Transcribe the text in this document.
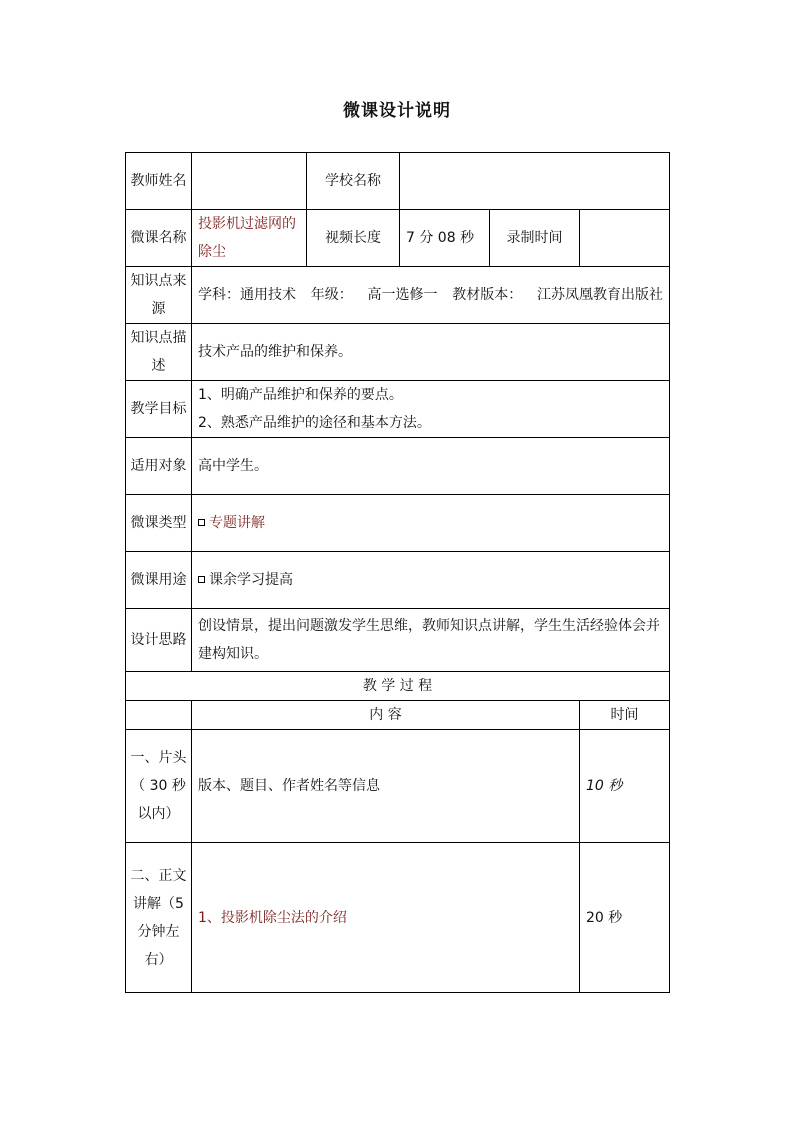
微课设计说明
教师姓名		学校名称			
微课名称	投影机过滤网的除尘	视频长度	7 分 08 秒	录制时间	
知识点来源	学科：通用技术 年级： 高一选修一 教材版本： 江苏凤凰教育出版社				

知识点描述	技术产品的维护和保养。				
教学目标	1、明确产品维护和保养的要点。
2、熟悉产品维护的途径和基本方法。				

适用对象	高中学生。				
微课类型	专题讲解				
微课用途	课余学习提高				
设计思路	创设情景，提出问题激发学生思维，教师知识点讲解，学生生活经验体会并建构知识。				
教 学 过 程					
	内 容				时间
一、片头（ 30 秒以内）	版本、题目、作者姓名等信息				10 秒
二、正文讲解（5 分钟左右）	1、投影机除尘法的介绍				20 秒
